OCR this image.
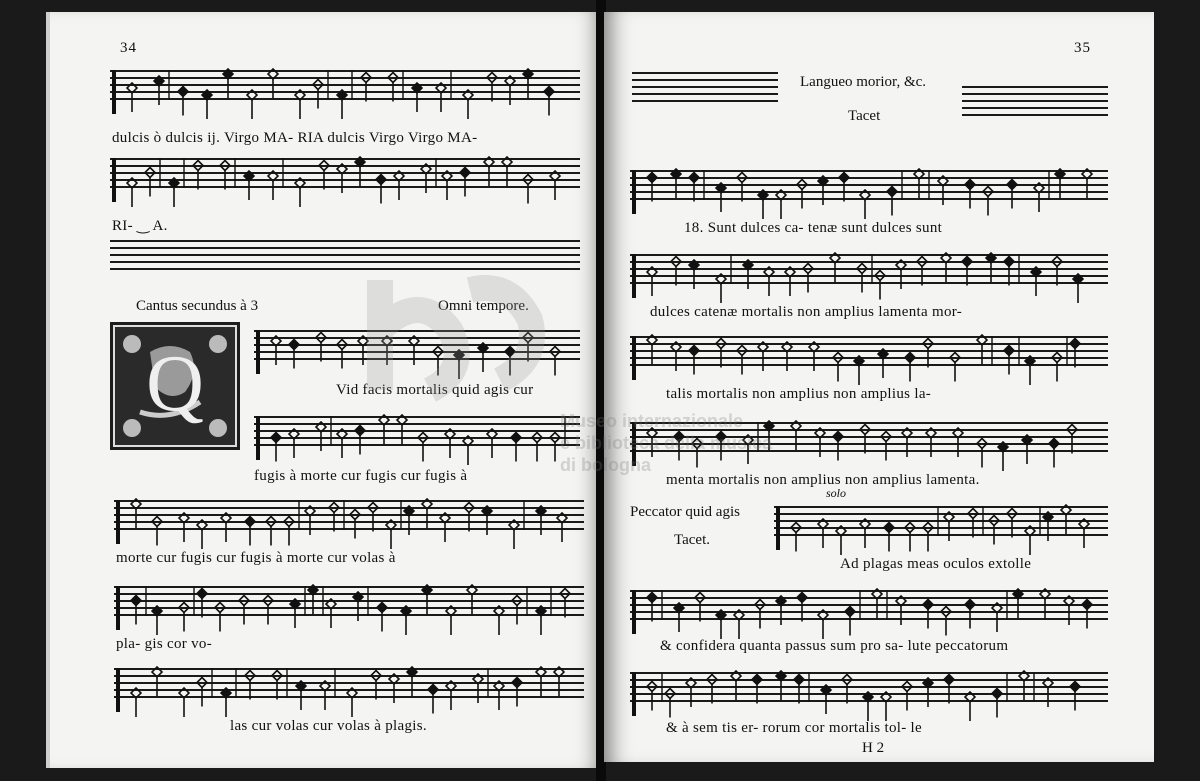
34
dulcis ò dulcis ij. Virgo MA- RIA dulcis Virgo Virgo MA-
RI- ‿ A.
Cantus secundus à 3	Omni tempore.
Q	Vid facis mortalis quid agis cur
fugis à morte cur fugis cur fugis à
morte cur fugis cur fugis à morte cur volas à
pla- gis cor vo-
las cur volas cur volas à plagis.
35
Langueo morior, &c.
Tacet
18. Sunt dulces ca- tenæ sunt dulces sunt
dulces catenæ mortalis non amplius lamenta mor-
talis mortalis non amplius non amplius la-
menta mortalis non amplius non amplius lamenta.
Peccator quid agis
Tacet.
solo
Ad plagas meas oculos extolle
& confidera quanta passus sum pro sa- lute peccatorum
& à sem tis er- rorum cor mortalis tol- le
H 2
Museo internazionale
e biblioteca della musica
di bologna
